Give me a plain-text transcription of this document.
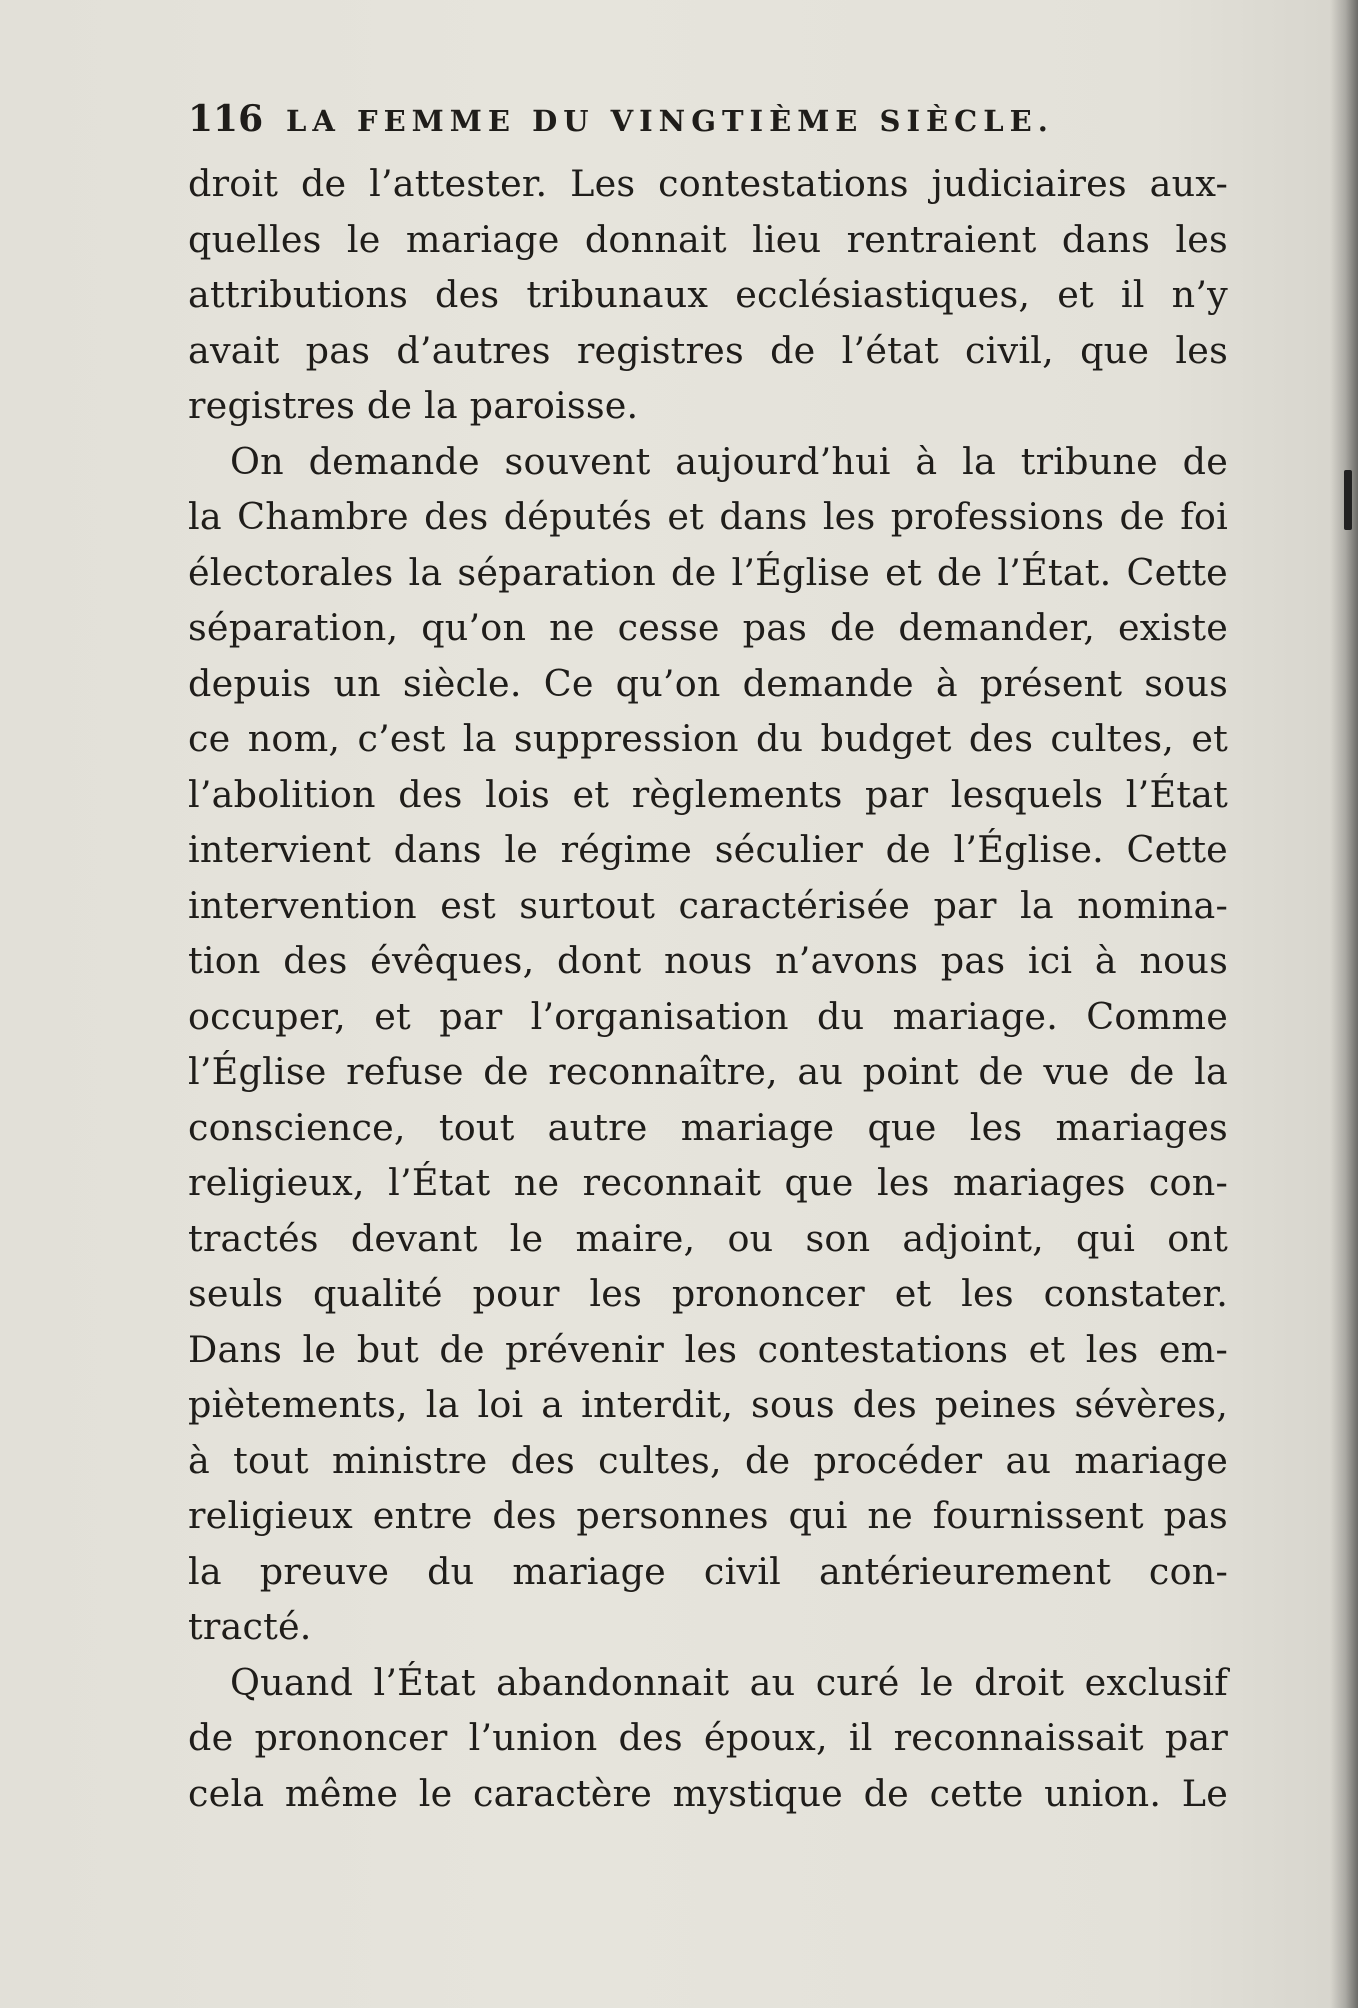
116 LA FEMME DU VINGTIÈME SIÈCLE.
droit de l’attester. Les contestations judiciaires aux-
quelles le mariage donnait lieu rentraient dans les
attributions des tribunaux ecclésiastiques, et il n’y
avait pas d’autres registres de l’état civil, que les
registres de la paroisse.
On demande souvent aujourd’hui à la tribune de
la Chambre des députés et dans les professions de foi
électorales la séparation de l’Église et de l’État. Cette
séparation, qu’on ne cesse pas de demander, existe
depuis un siècle. Ce qu’on demande à présent sous
ce nom, c’est la suppression du budget des cultes, et
l’abolition des lois et règlements par lesquels l’État
intervient dans le régime séculier de l’Église. Cette
intervention est surtout caractérisée par la nomina-
tion des évêques, dont nous n’avons pas ici à nous
occuper, et par l’organisation du mariage. Comme
l’Église refuse de reconnaître, au point de vue de la
conscience, tout autre mariage que les mariages
religieux, l’État ne reconnait que les mariages con-
tractés devant le maire, ou son adjoint, qui ont
seuls qualité pour les prononcer et les constater.
Dans le but de prévenir les contestations et les em-
piètements, la loi a interdit, sous des peines sévères,
à tout ministre des cultes, de procéder au mariage
religieux entre des personnes qui ne fournissent pas
la preuve du mariage civil antérieurement con-
tracté.
Quand l’État abandonnait au curé le droit exclusif
de prononcer l’union des époux, il reconnaissait par
cela même le caractère mystique de cette union. Le
